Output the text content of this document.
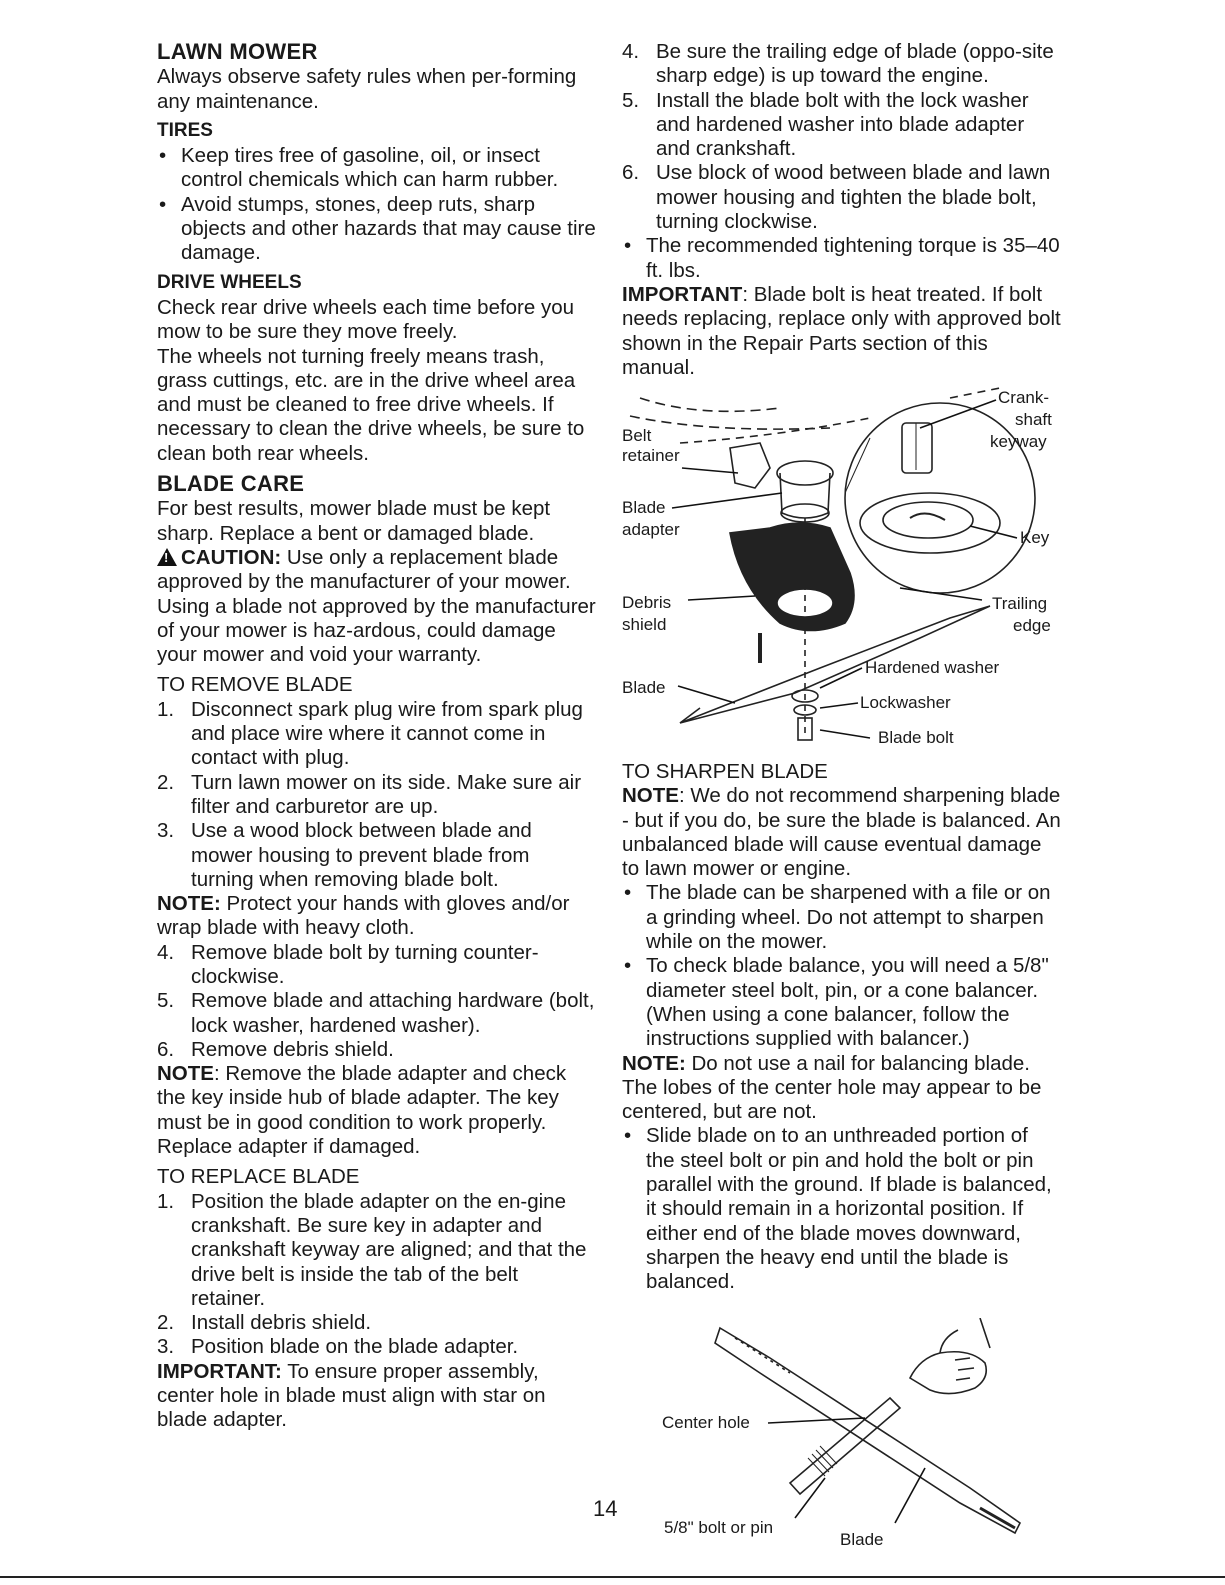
LAWN MOWER

Always observe safety rules when per-forming any maintenance.

TIRES

• Keep tires free of gasoline, oil, or insect control chemicals which can harm rubber.
• Avoid stumps, stones, deep ruts, sharp objects and other hazards that may cause tire damage.

DRIVE WHEELS

Check rear drive wheels each time before you mow to be sure they move freely.

The wheels not turning freely means trash, grass cuttings, etc. are in the drive wheel area and must be cleaned to free drive wheels. If necessary to clean the drive wheels, be sure to clean both rear wheels.

BLADE CARE

For best results, mower blade must be kept sharp. Replace a bent or damaged blade.

!CAUTION: Use only a replacement blade approved by the manufacturer of your mower. Using a blade not approved by the manufacturer of your mower is haz-ardous, could damage your mower and void your warranty.

TO REMOVE BLADE

1. Disconnect spark plug wire from spark plug and place wire where it cannot come in contact with plug.
2. Turn lawn mower on its side. Make sure air filter and carburetor are up.
3. Use a wood block between blade and mower housing to prevent blade from turning when removing blade bolt.

NOTE: Protect your hands with gloves and/or wrap blade with heavy cloth.

4. Remove blade bolt by turning counter-clockwise.
5. Remove blade and attaching hardware (bolt, lock washer, hardened washer).
6. Remove debris shield.

NOTE: Remove the blade adapter and check the key inside hub of blade adapter. The key must be in good condition to work properly. Replace adapter if damaged.

TO REPLACE BLADE

1. Position the blade adapter on the en-gine crankshaft. Be sure key in adapter and crankshaft keyway are aligned; and that the drive belt is inside the tab of the belt retainer.
2. Install debris shield.
3. Position blade on the blade adapter.

IMPORTANT: To ensure proper assembly, center hole in blade must align with star on blade adapter.

4. Be sure the trailing edge of blade (oppo-site sharp edge) is up toward the engine.
5. Install the blade bolt with the lock washer and hardened washer into blade adapter and crankshaft.
6. Use block of wood between blade and lawn mower housing and tighten the blade bolt, turning clockwise.
• The recommended tightening torque is 35–40 ft. lbs.

IMPORTANT: Blade bolt is heat treated. If bolt needs replacing, replace only with approved bolt shown in the Repair Parts section of this manual.

Belt
retainer
Blade
adapter
Debris
shield
Blade
Crank-
shaft
keyway
Key
Trailing
edge
Hardened washer
Lockwasher
Blade bolt

TO SHARPEN BLADE

NOTE: We do not recommend sharpening blade - but if you do, be sure the blade is balanced. An unbalanced blade will cause eventual damage to lawn mower or engine.

• The blade can be sharpened with a file or on a grinding wheel. Do not attempt to sharpen while on the mower.
• To check blade balance, you will need a 5/8" diameter steel bolt, pin, or a cone balancer. (When using a cone balancer, follow the instructions supplied with balancer.)

NOTE: Do not use a nail for balancing blade. The lobes of the center hole may appear to be centered, but are not.

• Slide blade on to an unthreaded portion of the steel bolt or pin and hold the bolt or pin parallel with the ground. If blade is balanced, it should remain in a horizontal position. If either end of the blade moves downward, sharpen the heavy end until the blade is balanced.
Center hole
5/8" bolt or pin
Blade
14
